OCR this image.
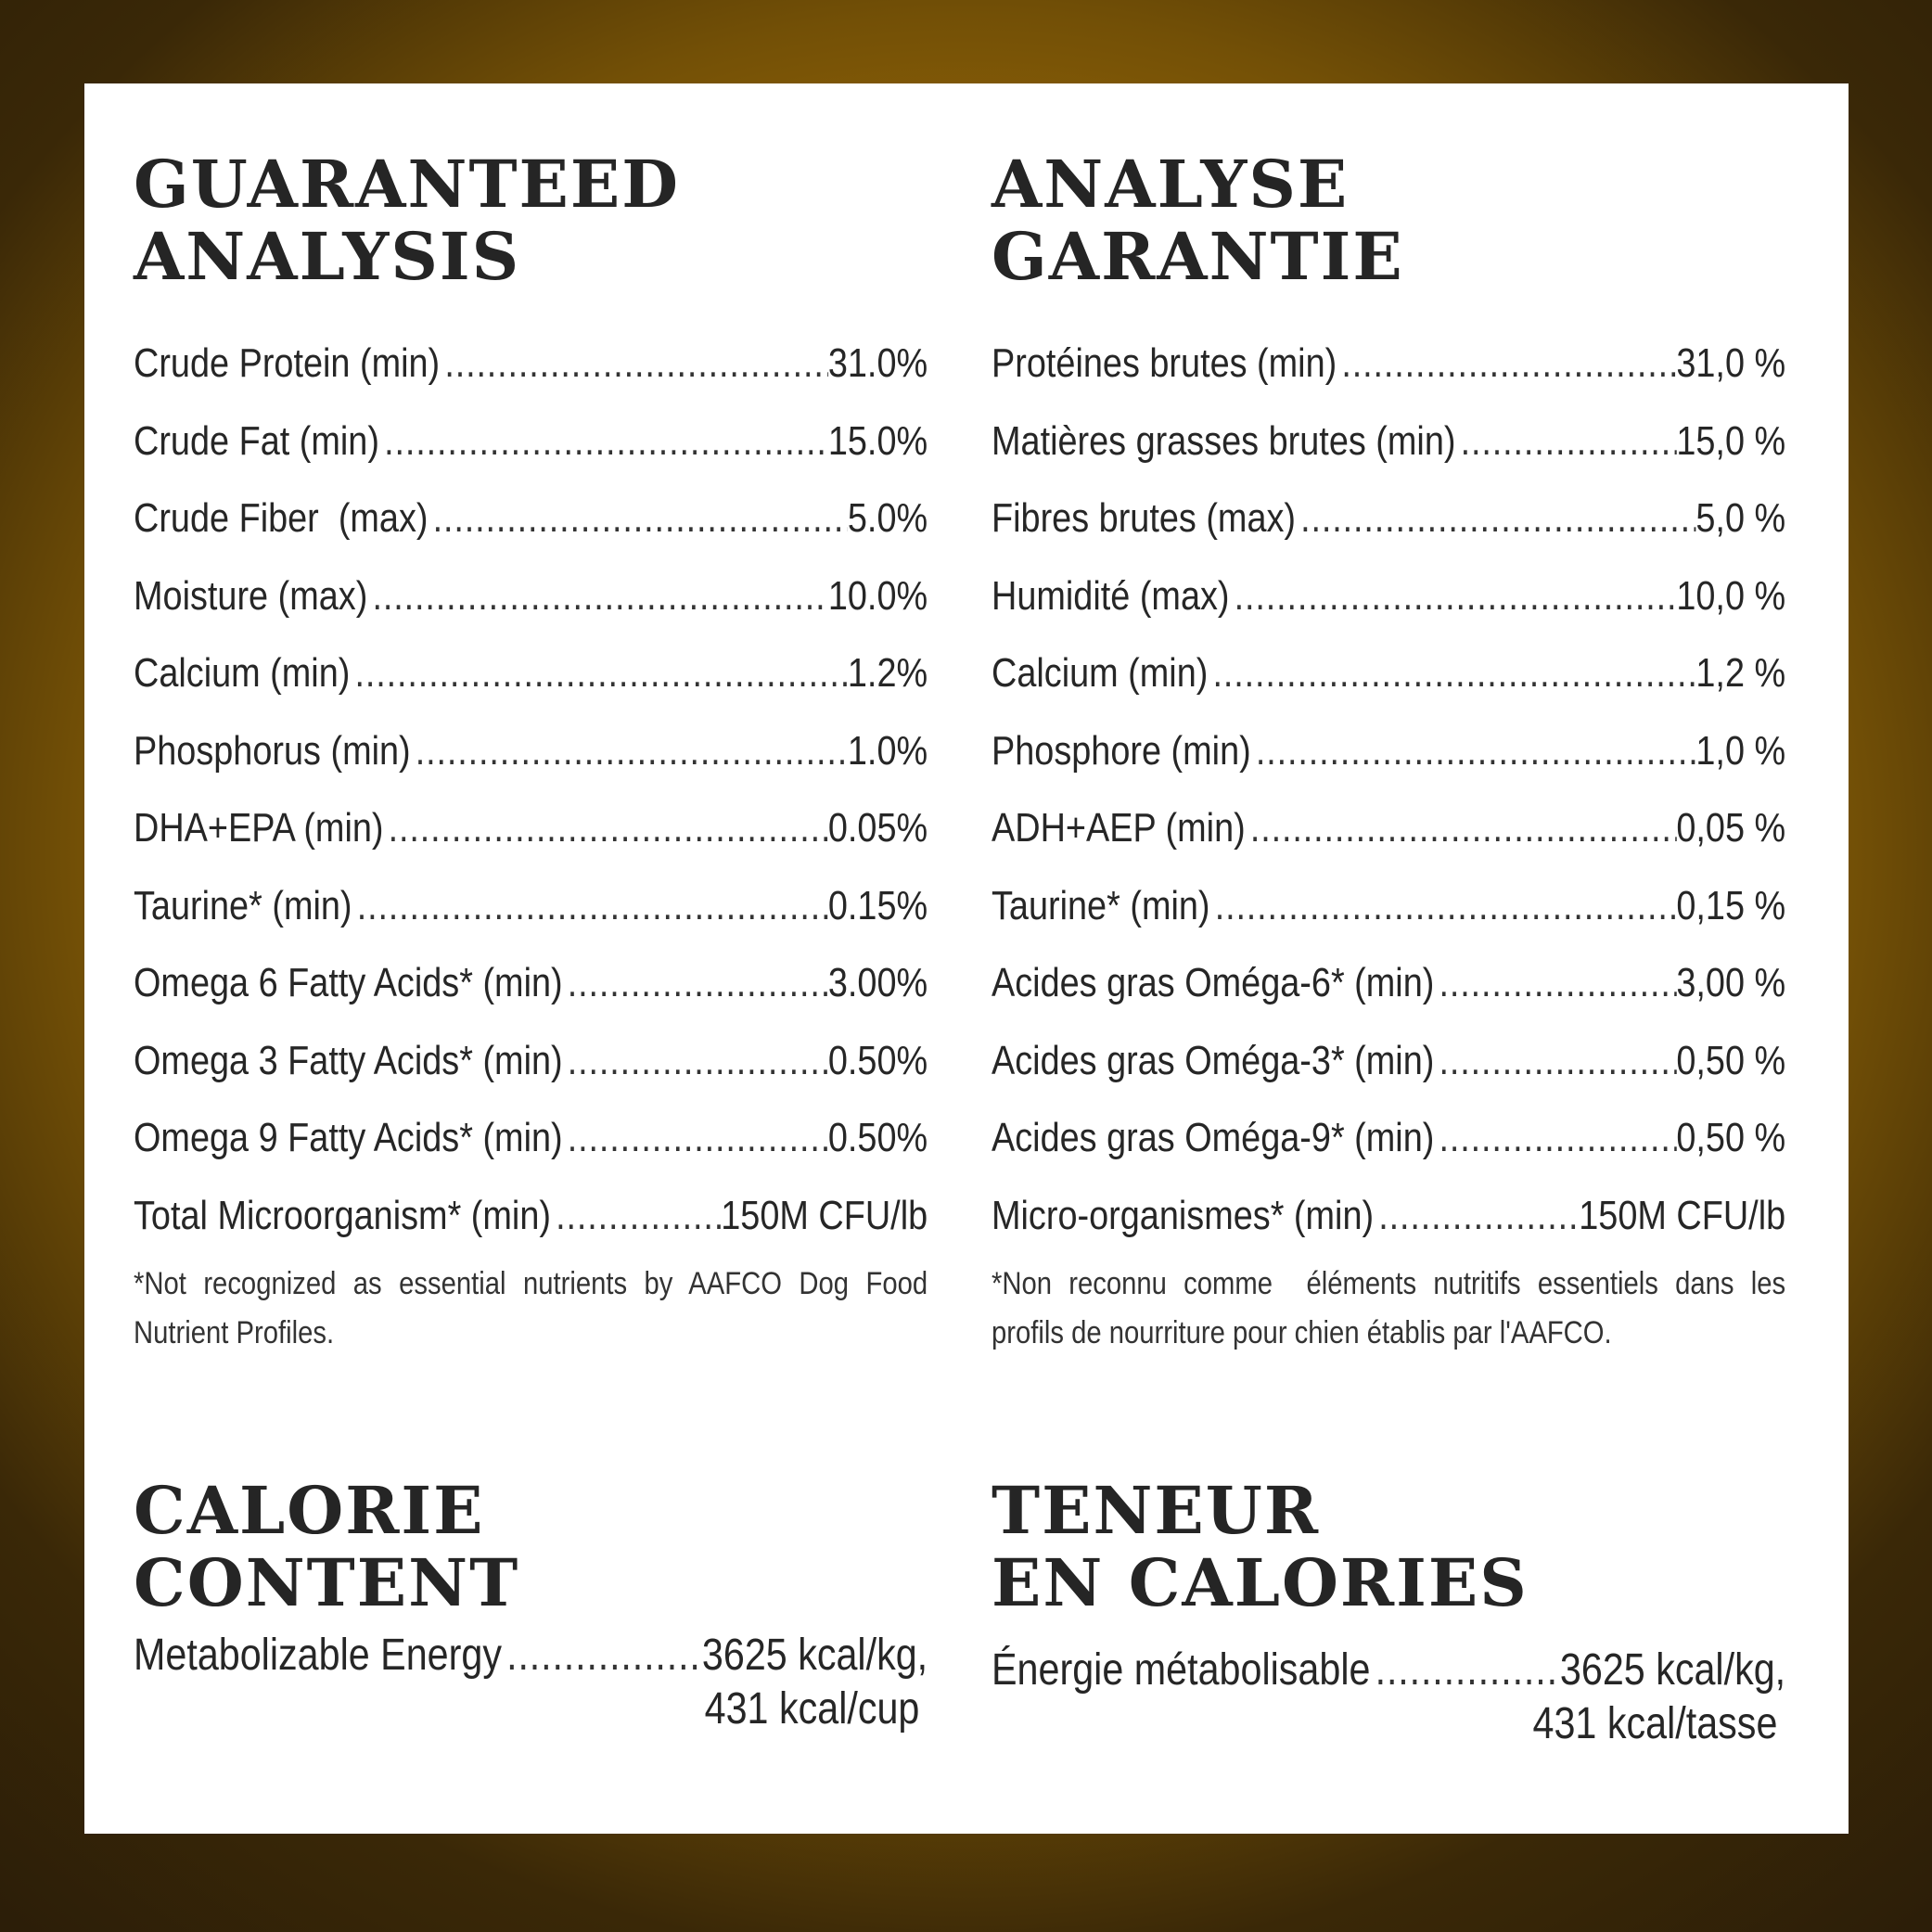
GUARANTEED
ANALYSIS
Crude Protein (min) .....	31.0%
Crude Fat (min) .....	15.0%
Crude Fiber  (max) .....	5.0%
Moisture (max) .....	10.0%
Calcium (min) .....	1.2%
Phosphorus (min) .....	1.0%
DHA+EPA (min) .....	0.05%
Taurine* (min) .....	0.15%
Omega 6 Fatty Acids* (min) .....	3.00%
Omega 3 Fatty Acids* (min) .....	0.50%
Omega 9 Fatty Acids* (min) .....	0.50%
Total Microorganism* (min) .....	150M CFU/lb
*Not recognized as essential nutrients by AAFCO Dog Food Nutrient Profiles.
ANALYSE
GARANTIE
Protéines brutes (min) .....	31,0 %
Matières grasses brutes (min) .....	15,0 %
Fibres brutes (max) .....	5,0 %
Humidité (max) .....	10,0 %
Calcium (min) .....	1,2 %
Phosphore (min) .....	1,0 %
ADH+AEP (min) .....	0,05 %
Taurine* (min) .....	0,15 %
Acides gras Oméga-6* (min) .....	3,00 %
Acides gras Oméga-3* (min) .....	0,50 %
Acides gras Oméga-9* (min) .....	0,50 %
Micro-organismes* (min) .....	150M CFU/lb
*Non reconnu comme  éléments nutritifs essentiels dans les profils de nourriture pour chien établis par l'AAFCO.
CALORIE
CONTENT
Metabolizable Energy .....	3625 kcal/kg,
431 kcal/cup
TENEUR
EN CALORIES
Énergie métabolisable .....	3625 kcal/kg,
431 kcal/tasse
